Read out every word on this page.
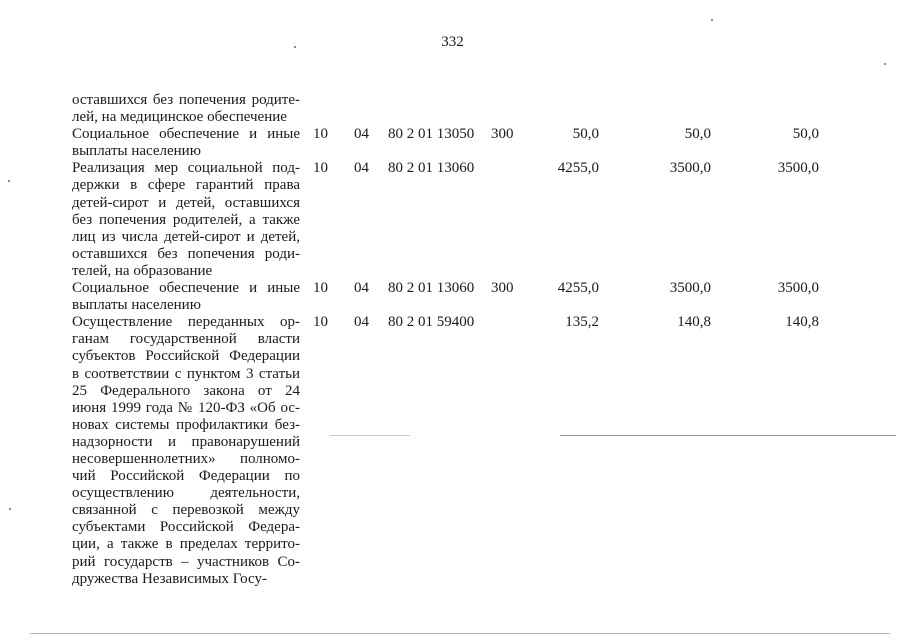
332
оставшихся без попечения родите-
лей, на медицинское обеспечение
Социальное обеспечение и иные
выплаты населению
10 04 80 2 01 13050 300	50,0	50,0	50,0
Реализация мер социальной под-
держки в сфере гарантий права
детей-сирот и детей, оставшихся
без попечения родителей, а также
лиц из числа детей-сирот и детей,
оставшихся без попечения роди-
телей, на образование
10 04 80 2 01 13060	4255,0	3500,0	3500,0
Социальное обеспечение и иные
выплаты населению
10 04 80 2 01 13060 300	4255,0	3500,0	3500,0
Осуществление переданных ор-
ганам государственной власти
субъектов Российской Федерации
в соответствии с пунктом 3 статьи
25 Федерального закона от 24
июня 1999 года № 120-ФЗ «Об ос-
новах системы профилактики без-
надзорности и правонарушений
несовершеннолетних» полномо-
чий Российской Федерации по
осуществлению деятельности,
связанной с перевозкой между
субъектами Российской Федера-
ции, а также в пределах террито-
рий государств – участников Со-
дружества Независимых Госу-
10 04 80 2 01 59400	135,2	140,8	140,8
